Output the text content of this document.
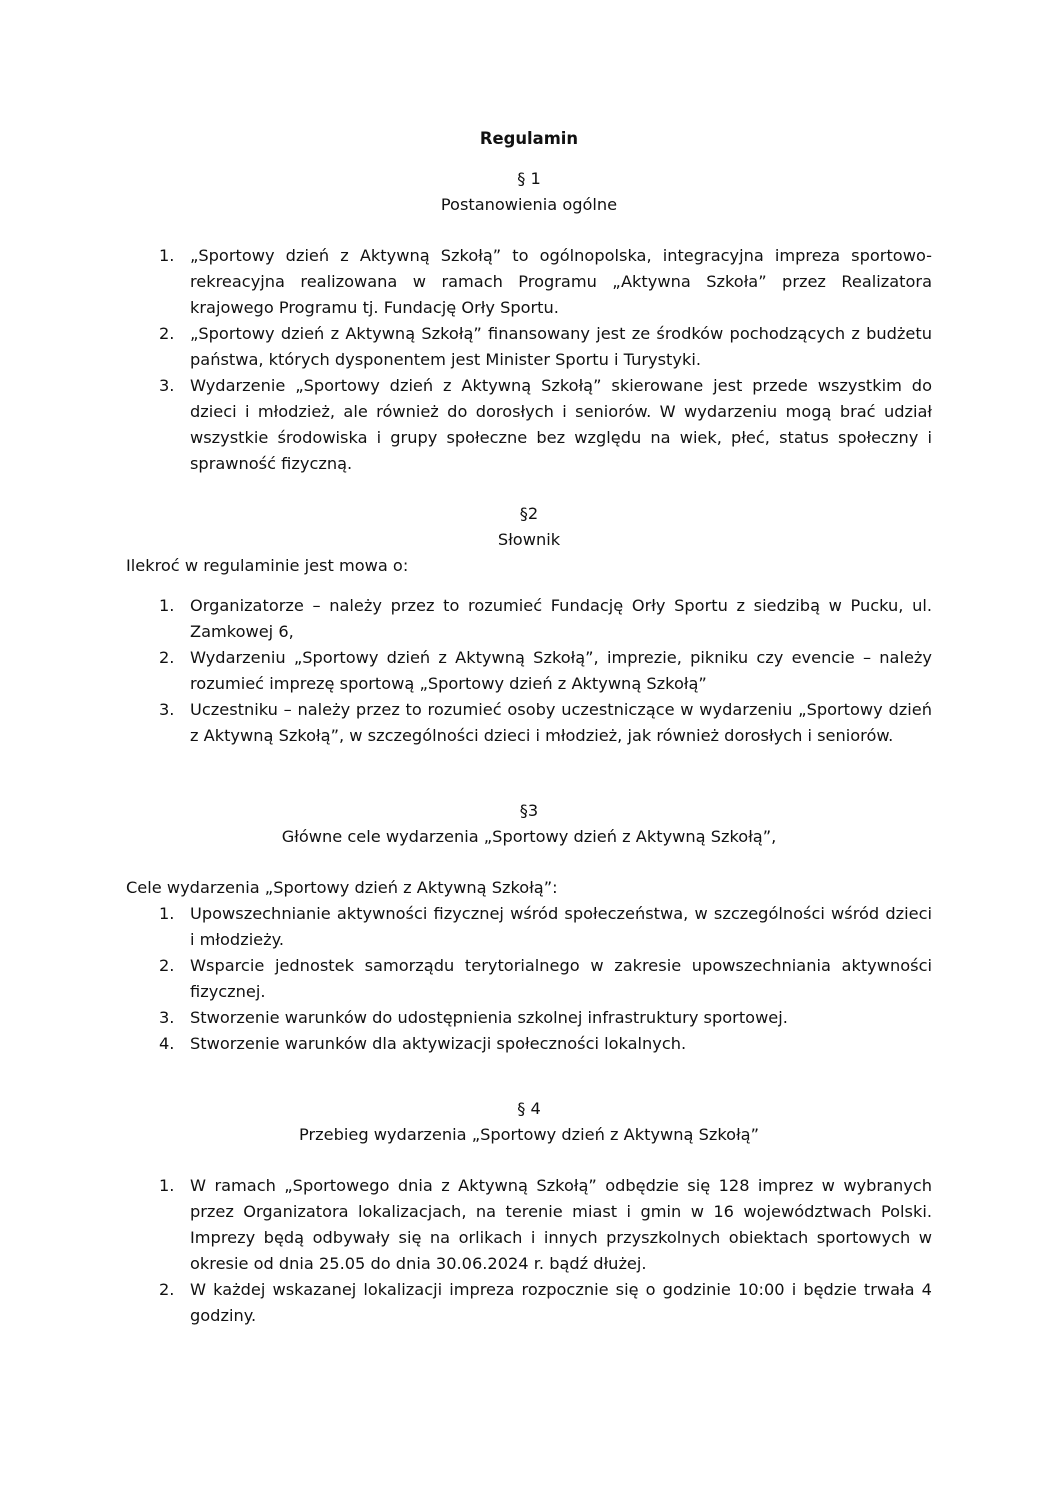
Regulamin
§ 1
Postanowienia ogólne
1. „Sportowy dzień z Aktywną Szkołą” to ogólnopolska, integracyjna impreza sportowo-rekreacyjna realizowana w ramach Programu „Aktywna Szkoła” przez Realizatora krajowego Programu tj. Fundację Orły Sportu.
2. „Sportowy dzień z Aktywną Szkołą” finansowany jest ze środków pochodzących z budżetu państwa, których dysponentem jest Minister Sportu i Turystyki.
3. Wydarzenie „Sportowy dzień z Aktywną Szkołą” skierowane jest przede wszystkim do dzieci i młodzież, ale również do dorosłych i seniorów. W wydarzeniu mogą brać udział wszystkie środowiska i grupy społeczne bez względu na wiek, płeć, status społeczny i sprawność fizyczną.
§2
Słownik
Ilekroć w regulaminie jest mowa o:
1. Organizatorze – należy przez to rozumieć Fundację Orły Sportu z siedzibą w Pucku, ul. Zamkowej 6,
2. Wydarzeniu „Sportowy dzień z Aktywną Szkołą”, imprezie, pikniku czy evencie – należy rozumieć imprezę sportową „Sportowy dzień z Aktywną Szkołą”
3. Uczestniku – należy przez to rozumieć osoby uczestniczące w wydarzeniu „Sportowy dzień z Aktywną Szkołą”, w szczególności dzieci i młodzież, jak również dorosłych i seniorów.
§3
Główne cele wydarzenia „Sportowy dzień z Aktywną Szkołą”,
Cele wydarzenia „Sportowy dzień z Aktywną Szkołą”:
1. Upowszechnianie aktywności fizycznej wśród społeczeństwa, w szczególności wśród dzieci i młodzieży.
2. Wsparcie jednostek samorządu terytorialnego w zakresie upowszechniania aktywności fizycznej.
3. Stworzenie warunków do udostępnienia szkolnej infrastruktury sportowej.
4. Stworzenie warunków dla aktywizacji społeczności lokalnych.
§ 4
Przebieg wydarzenia „Sportowy dzień z Aktywną Szkołą”
1. W ramach „Sportowego dnia z Aktywną Szkołą” odbędzie się 128 imprez w wybranych przez Organizatora lokalizacjach, na terenie miast i gmin w 16 województwach Polski. Imprezy będą odbywały się na orlikach i innych przyszkolnych obiektach sportowych w okresie od dnia 25.05 do dnia 30.06.2024 r. bądź dłużej.
2. W każdej wskazanej lokalizacji impreza rozpocznie się o godzinie 10:00 i będzie trwała 4 godziny.
